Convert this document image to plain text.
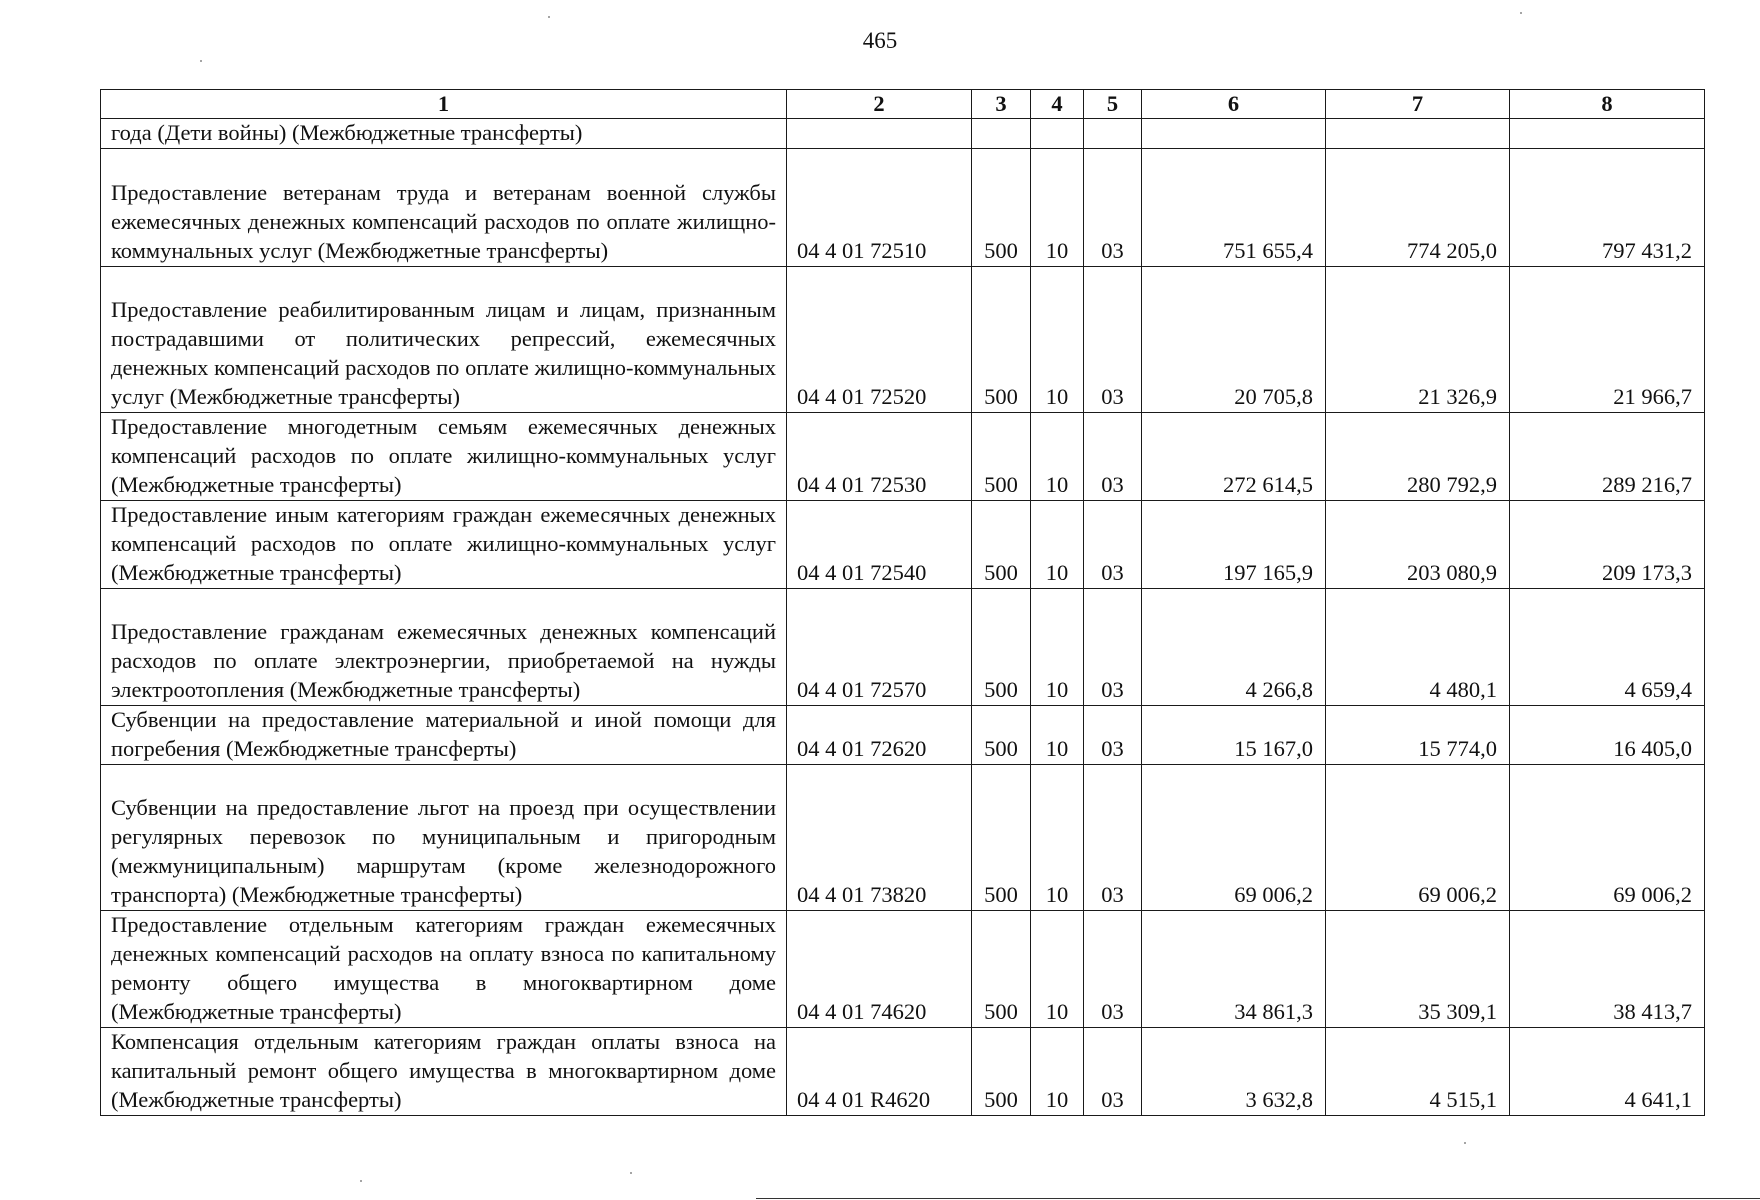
465
1	2	3	4	5	6	7	8
года (Дети войны) (Межбюджетные трансферты)							
Предоставление ветеранам труда и ветеранам военной службы ежемесячных денежных компенсаций расходов по оплате жилищно-коммунальных услуг (Межбюджетные трансферты)	04 4 01 72510	500	10	03	751 655,4	774 205,0	797 431,2
Предоставление реабилитированным лицам и лицам, признанным пострадавшими от политических репрессий, ежемесячных денежных компенсаций расходов по оплате жилищно-коммунальных услуг (Межбюджетные трансферты)	04 4 01 72520	500	10	03	20 705,8	21 326,9	21 966,7
Предоставление многодетным семьям ежемесячных денежных компенсаций расходов по оплате жилищно-коммунальных услуг (Межбюджетные трансферты)	04 4 01 72530	500	10	03	272 614,5	280 792,9	289 216,7
Предоставление иным категориям граждан ежемесячных денежных компенсаций расходов по оплате жилищно-коммунальных услуг (Межбюджетные трансферты)	04 4 01 72540	500	10	03	197 165,9	203 080,9	209 173,3
Предоставление гражданам ежемесячных денежных компенсаций расходов по оплате электроэнергии, приобретаемой на нужды электроотопления (Межбюджетные трансферты)	04 4 01 72570	500	10	03	4 266,8	4 480,1	4 659,4
Субвенции на предоставление материальной и иной помощи для погребения (Межбюджетные трансферты)	04 4 01 72620	500	10	03	15 167,0	15 774,0	16 405,0
Субвенции на предоставление льгот на проезд при осуществлении регулярных перевозок по муниципальным и пригородным (межмуниципальным) маршрутам (кроме железнодорожного транспорта) (Межбюджетные трансферты)	04 4 01 73820	500	10	03	69 006,2	69 006,2	69 006,2
Предоставление отдельным категориям граждан ежемесячных денежных компенсаций расходов на оплату взноса по капитальному ремонту общего имущества в многоквартирном доме (Межбюджетные трансферты)	04 4 01 74620	500	10	03	34 861,3	35 309,1	38 413,7
Компенсация отдельным категориям граждан оплаты взноса на капитальный ремонт общего имущества в многоквартирном доме (Межбюджетные трансферты)	04 4 01 R4620	500	10	03	3 632,8	4 515,1	4 641,1
